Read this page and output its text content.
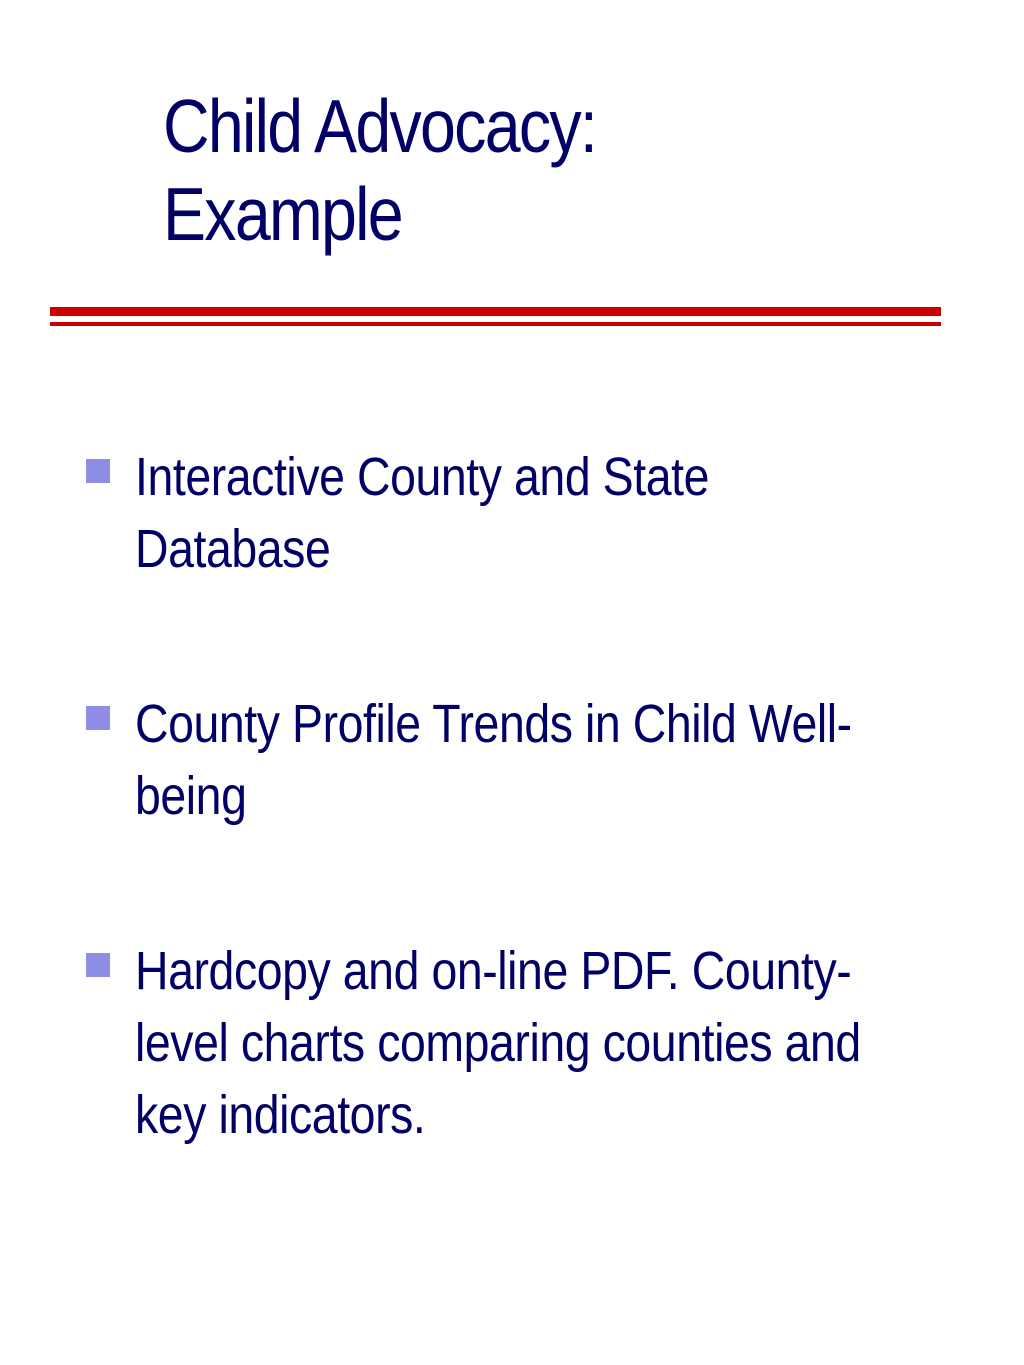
Child Advocacy:
Example
Interactive County and State
Database
County Profile Trends in Child Well-
being
Hardcopy and on-line PDF. County-
level charts comparing counties and
key indicators.
